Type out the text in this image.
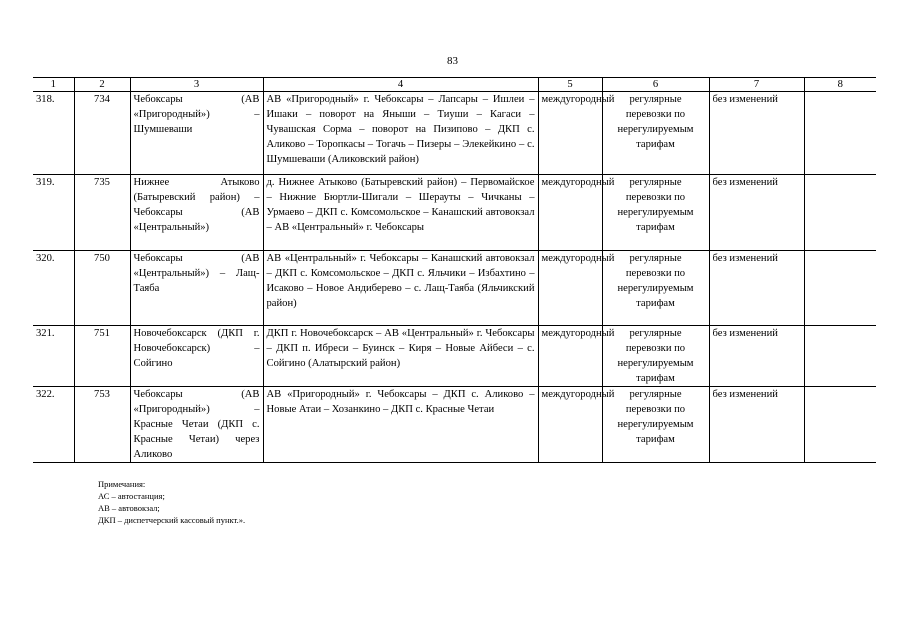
83
1	2	3	4	5	6	7	8
318.	734	Чебоксары (АВ «Пригородный») – Шумшеваши	АВ «Пригородный» г. Чебоксары – Лапсары – Ишлеи – Ишаки – поворот на Яныши – Тиуши – Кагаси – Чувашская Сорма – поворот на Пизипово – ДКП с. Аликово – Торопкасы – Тогачь – Пизеры – Элекейкино – с. Шумшеваши (Аликовский район)	междугородный	регулярные перевозки по нерегулируемым тарифам	без изменений	
319.	735	Нижнее Атыково (Батыревский район) – Чебоксары (АВ «Центральный»)	д. Нижнее Атыково (Батыревский район) – Первомайское – Нижние Бюртли-Шигали – Шерауты – Чичканы – Урмаево – ДКП с. Комсомольское – Канашский автовокзал – АВ «Центральный» г. Чебоксары	междугородный	регулярные перевозки по нерегулируемым тарифам	без изменений	
320.	750	Чебоксары (АВ «Центральный») – Лащ-Таяба	АВ «Центральный» г. Чебоксары – Канашский автовокзал – ДКП с. Комсомольское – ДКП с. Яльчики – Избахтино – Исаково – Новое Андиберево – с. Лащ-Таяба (Яльчикский район)	междугородный	регулярные перевозки по нерегулируемым тарифам	без изменений	
321.	751	Новочебоксарск (ДКП г. Новочебоксарск) – Сойгино	ДКП г. Новочебоксарск – АВ «Центральный» г. Чебоксары – ДКП п. Ибреси – Буинск – Киря – Новые Айбеси – с. Сойгино (Алатырский район)	междугородный	регулярные перевозки по нерегулируемым тарифам	без изменений	
322.	753	Чебоксары (АВ «Пригородный») – Красные Четаи (ДКП с. Красные Четаи) через Аликово	АВ «Пригородный» г. Чебоксары – ДКП с. Аликово – Новые Атаи – Хозанкино – ДКП с. Красные Четаи	междугородный	регулярные перевозки по нерегулируемым тарифам	без изменений	
Примечания:
АС – автостанция;
АВ – автовокзал;
ДКП – диспетчерский кассовый пункт.».
